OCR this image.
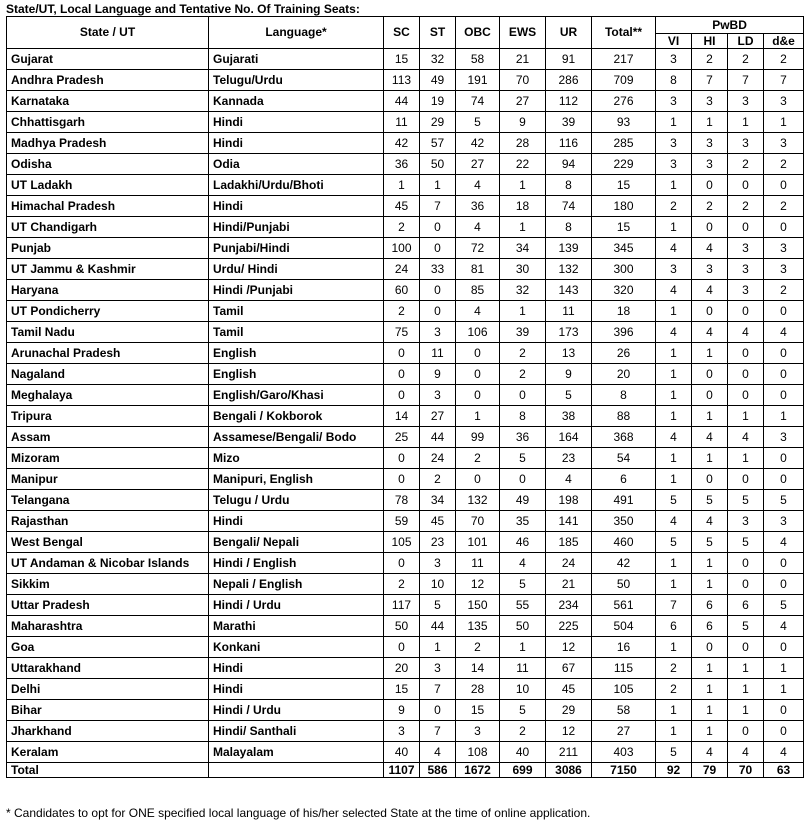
State/UT, Local Language and Tentative No. Of Training Seats:
State / UT	Language*	SC	ST	OBC	EWS	UR	Total**	PwBD			
								VI	HI	LD	d&e
Gujarat	Gujarati	15	32	58	21	91	217	3	2	2	2
Andhra Pradesh	Telugu/Urdu	113	49	191	70	286	709	8	7	7	7
Karnataka	Kannada	44	19	74	27	112	276	3	3	3	3
Chhattisgarh	Hindi	11	29	5	9	39	93	1	1	1	1
Madhya Pradesh	Hindi	42	57	42	28	116	285	3	3	3	3
Odisha	Odia	36	50	27	22	94	229	3	3	2	2
UT Ladakh	Ladakhi/Urdu/Bhoti	1	1	4	1	8	15	1	0	0	0
Himachal Pradesh	Hindi	45	7	36	18	74	180	2	2	2	2
UT Chandigarh	Hindi/Punjabi	2	0	4	1	8	15	1	0	0	0
Punjab	Punjabi/Hindi	100	0	72	34	139	345	4	4	3	3
UT Jammu & Kashmir	Urdu/ Hindi	24	33	81	30	132	300	3	3	3	3
Haryana	Hindi /Punjabi	60	0	85	32	143	320	4	4	3	2
UT Pondicherry	Tamil	2	0	4	1	11	18	1	0	0	0
Tamil Nadu	Tamil	75	3	106	39	173	396	4	4	4	4
Arunachal Pradesh	English	0	11	0	2	13	26	1	1	0	0
Nagaland	English	0	9	0	2	9	20	1	0	0	0
Meghalaya	English/Garo/Khasi	0	3	0	0	5	8	1	0	0	0
Tripura	Bengali / Kokborok	14	27	1	8	38	88	1	1	1	1
Assam	Assamese/Bengali/ Bodo	25	44	99	36	164	368	4	4	4	3
Mizoram	Mizo	0	24	2	5	23	54	1	1	1	0
Manipur	Manipuri, English	0	2	0	0	4	6	1	0	0	0
Telangana	Telugu / Urdu	78	34	132	49	198	491	5	5	5	5
Rajasthan	Hindi	59	45	70	35	141	350	4	4	3	3
West Bengal	Bengali/ Nepali	105	23	101	46	185	460	5	5	5	4
UT Andaman & Nicobar Islands	Hindi / English	0	3	11	4	24	42	1	1	0	0
Sikkim	Nepali / English	2	10	12	5	21	50	1	1	0	0
Uttar Pradesh	Hindi / Urdu	117	5	150	55	234	561	7	6	6	5
Maharashtra	Marathi	50	44	135	50	225	504	6	6	5	4
Goa	Konkani	0	1	2	1	12	16	1	0	0	0
Uttarakhand	Hindi	20	3	14	11	67	115	2	1	1	1
Delhi	Hindi	15	7	28	10	45	105	2	1	1	1
Bihar	Hindi / Urdu	9	0	15	5	29	58	1	1	1	0
Jharkhand	Hindi/ Santhali	3	7	3	2	12	27	1	1	0	0
Keralam	Malayalam	40	4	108	40	211	403	5	4	4	4
Total		1107	586	1672	699	3086	7150	92	79	70	63
* Candidates to opt for ONE specified local language of his/her selected State at the time of online application.
